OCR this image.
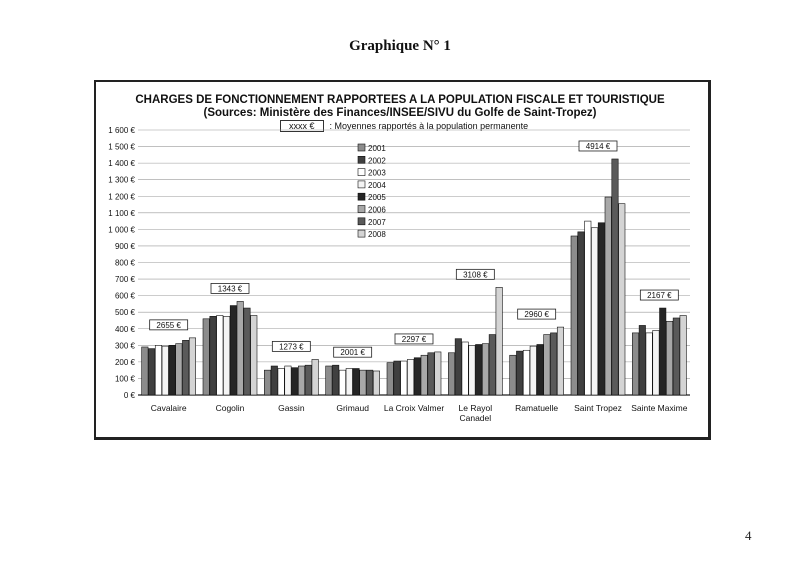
Graphique N° 1
CHARGES DE FONCTIONNEMENT RAPPORTEES A LA POPULATION FISCALE ET TOURISTIQUE
(Sources: Ministère des Finances/INSEE/SIVU du Golfe de Saint-Tropez)
xxxx € : Moyennes rapportés à la population permanente
0 €
100 €
200 €
300 €
400 €
500 €
600 €
700 €
800 €
900 €
1 000 €
1 100 €
1 200 €
1 300 €
1 400 €
1 500 €
1 600 €
Cavalaire
2655 €
Cogolin
1343 €
Gassin
1273 €
Grimaud
2001 €
La Croix Valmer
2297 €
Le Rayol
Canadel
3108 €
Ramatuelle
2960 €
Saint Tropez
4914 €
Sainte Maxime
2167 €
2001
2002
2003
2004
2005
2006
2007
2008
4
